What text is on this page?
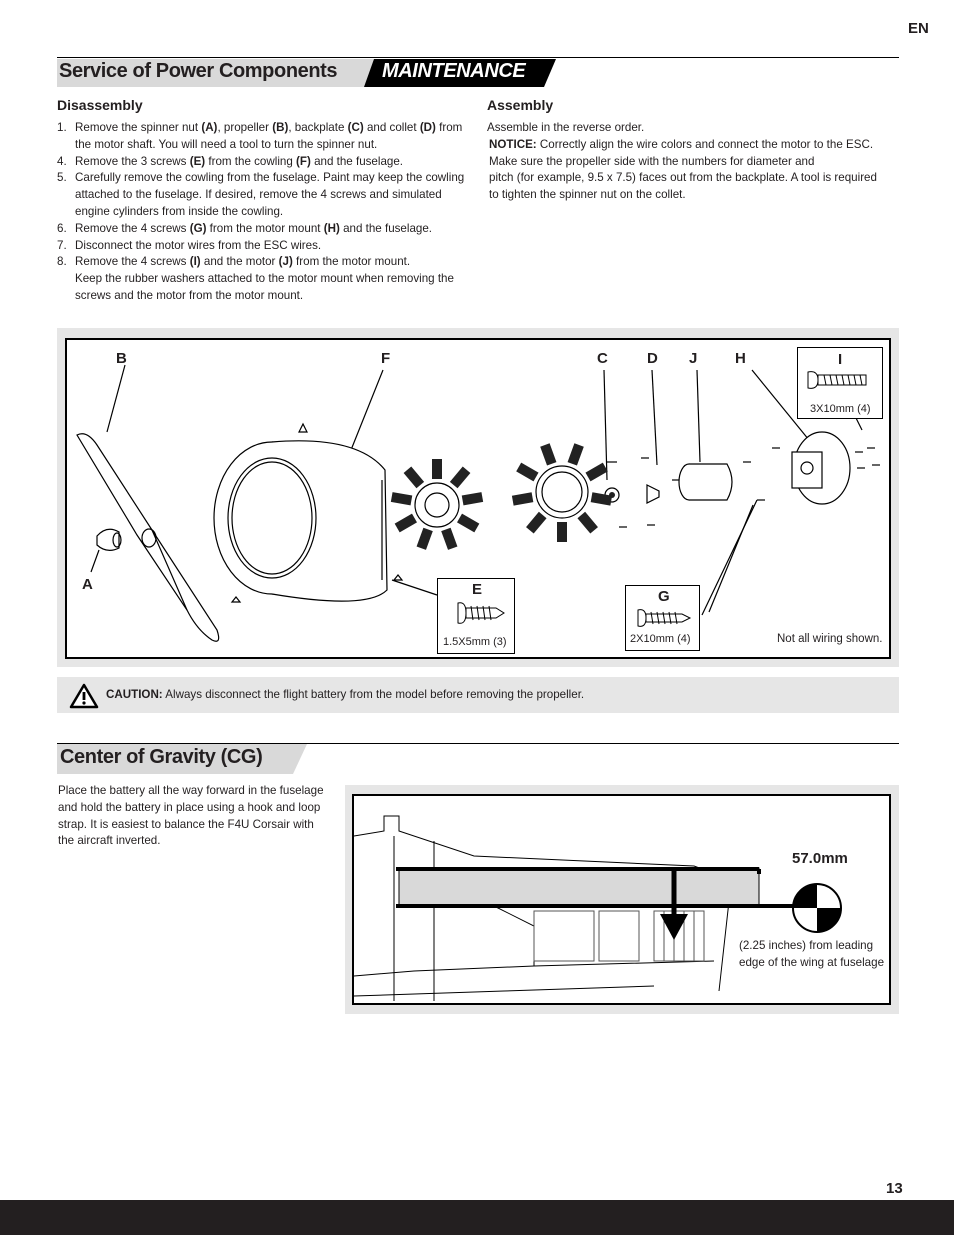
EN
Service of Power Components MAINTENANCE
Disassembly
1. Remove the spinner nut (A), propeller (B), backplate (C) and collet (D) from the motor shaft. You will need a tool to turn the spinner nut.
4. Remove the 3 screws (E) from the cowling (F) and the fuselage.
5. Carefully remove the cowling from the fuselage. Paint may keep the cowling attached to the fuselage. If desired, remove the 4 screws and simulated engine cylinders from inside the cowling.
6. Remove the 4 screws (G) from the motor mount (H) and the fuselage.
7. Disconnect the motor wires from the ESC wires.
8. Remove the 4 screws (I) and the motor (J) from the motor mount.
Keep the rubber washers attached to the motor mount when removing the screws and the motor from the motor mount.
Assembly
Assemble in the reverse order.
NOTICE: Correctly align the wire colors and connect the motor to the ESC.
Make sure the propeller side with the numbers for diameter and
pitch (for example, 9.5 x 7.5) faces out from the backplate. A tool is required
to tighten the spinner nut on the collet.
B	F	C	D J	H
A
I
3X10mm (4)
E
1.5X5mm (3)
G
2X10mm (4)	Not all wiring shown.
CAUTION: Always disconnect the flight battery from the model before removing the propeller.
Center of Gravity (CG)
Place the battery all the way forward in the fuselage
and hold the battery in place using a hook and loop
strap. It is easiest to balance the F4U Corsair with
the aircraft inverted.
57.0mm
(2.25 inches) from leading
edge of the wing at fuselage
13
